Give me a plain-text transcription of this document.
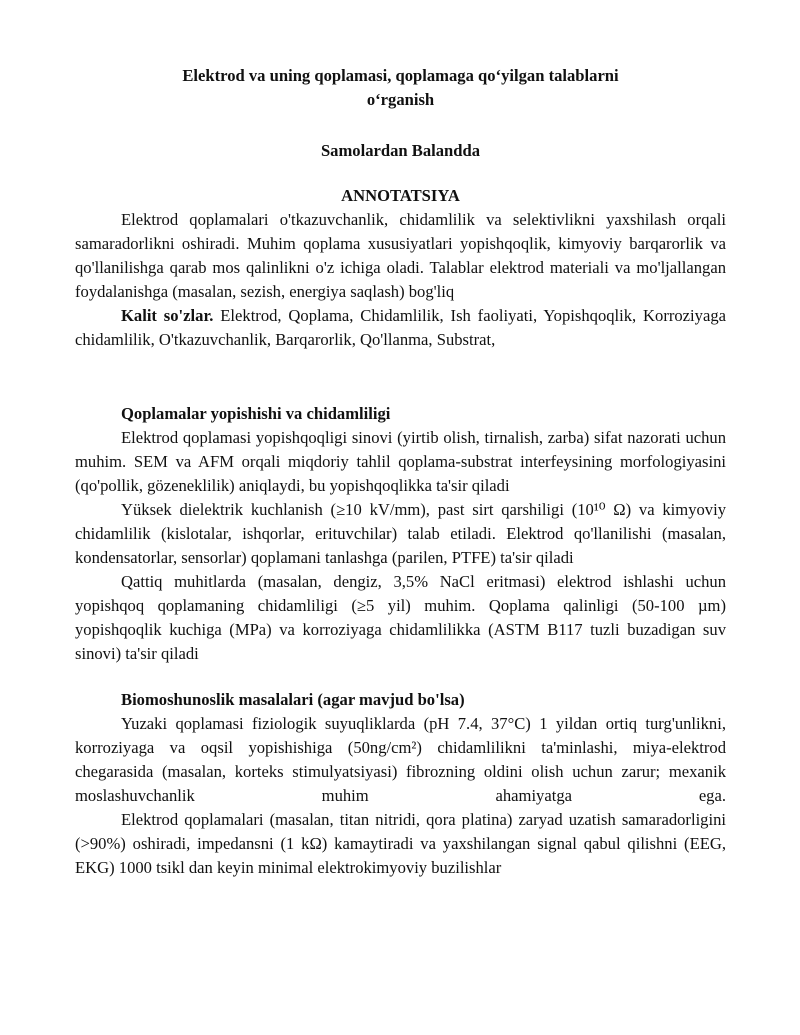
Elektrod va uning qoplamasi, qoplamaga qo‘yilgan talablarni
o‘rganish
Samolardan Balandda
ANNOTATSIYA

Elektrod qoplamalari o'tkazuvchanlik, chidamlilik va selektivlikni yaxshilash orqali samaradorlikni oshiradi. Muhim qoplama xususiyatlari yopishqoqlik, kimyoviy barqarorlik va qo'llanilishga qarab mos qalinlikni o'z ichiga oladi. Talablar elektrod materiali va mo'ljallangan foydalanishga (masalan, sezish, energiya saqlash) bog'liq

Kalit so'zlar. Elektrod, Qoplama, Chidamlilik, Ish faoliyati, Yopishqoqlik, Korroziyaga chidamlilik, O'tkazuvchanlik, Barqarorlik, Qo'llanma, Substrat,

Qoplamalar yopishishi va chidamliligi

Elektrod qoplamasi yopishqoqligi sinovi (yirtib olish, tirnalish, zarba) sifat nazorati uchun muhim. SEM va AFM orqali miqdoriy tahlil qoplama-substrat interfeysining morfologiyasini (qo'pollik, gözeneklilik) aniqlaydi, bu yopishqoqlikka ta'sir qiladi

Yüksek dielektrik kuchlanish (≥10 kV/mm), past sirt qarshiligi (10¹⁰ Ω) va kimyoviy chidamlilik (kislotalar, ishqorlar, erituvchilar) talab etiladi. Elektrod qo'llanilishi (masalan, kondensatorlar, sensorlar) qoplamani tanlashga (parilen, PTFE) ta'sir qiladi

Qattiq muhitlarda (masalan, dengiz, 3,5% NaCl eritmasi) elektrod ishlashi uchun yopishqoq qoplamaning chidamliligi (≥5 yil) muhim. Qoplama qalinligi (50-100 µm) yopishqoqlik kuchiga (MPa) va korroziyaga chidamlilikka (ASTM B117 tuzli buzadigan suv sinovi) ta'sir qiladi

Biomoshunoslik masalalari (agar mavjud bo'lsa)

Yuzaki qoplamasi fiziologik suyuqliklarda (pH 7.4, 37°C) 1 yildan ortiq turg'unlikni, korroziyaga va oqsil yopishishiga (50ng/cm²) chidamlilikni ta'minlashi, miya-elektrod chegarasida (masalan, korteks stimulyatsiyasi) fibrozning oldini olish uchun zarur; mexanik moslashuvchanlik muhim ahamiyatga ega.

Elektrod qoplamalari (masalan, titan nitridi, qora platina) zaryad uzatish samaradorligini (>90%) oshiradi, impedansni (1 kΩ) kamaytiradi va yaxshilangan signal qabul qilishni (EEG, EKG) 1000 tsikl dan keyin minimal elektrokimyoviy buzilishlar
